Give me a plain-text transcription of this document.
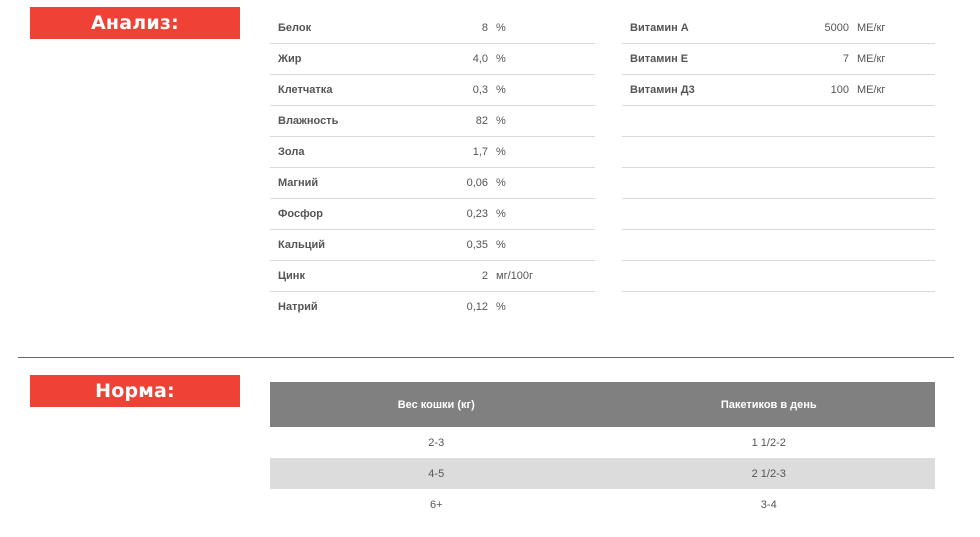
Анализ:	Белок	8	%
Жир	4,0	%
Клетчатка	0,3	%
Влажность	82	%
Зола	1,7	%
Магний	0,06	%
Фосфор	0,23	%
Кальций	0,35	%
Цинк	2	мг/100г
Натрий	0,12	%
Витамин А	5000	МЕ/кг
Витамин Е	7	МЕ/кг
Витамин Д3	100	МЕ/кг

Норма:
Вес кошки (кг)	Пакетиков в день
2-3	1 1/2-2
4-5	2 1/2-3
6+	3-4
